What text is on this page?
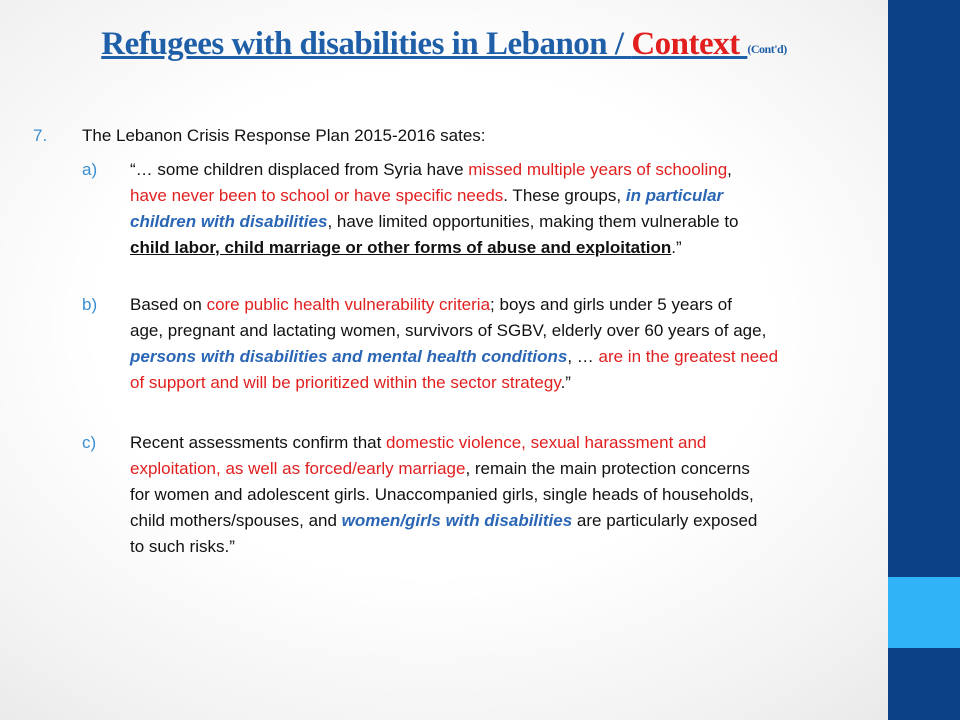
Refugees with disabilities in Lebanon / Context (Cont'd)
7. The Lebanon Crisis Response Plan 2015-2016 sates:
a) “… some children displaced from Syria have missed multiple years of schooling,
have never been to school or have specific needs. These groups, in particular
children with disabilities, have limited opportunities, making them vulnerable to
child labor, child marriage or other forms of abuse and exploitation.”
b) Based on core public health vulnerability criteria; boys and girls under 5 years of
age, pregnant and lactating women, survivors of SGBV, elderly over 60 years of age,
persons with disabilities and mental health conditions, … are in the greatest need
of support and will be prioritized within the sector strategy.”
c) Recent assessments confirm that domestic violence, sexual harassment and
exploitation, as well as forced/early marriage, remain the main protection concerns
for women and adolescent girls. Unaccompanied girls, single heads of households,
child mothers/spouses, and women/girls with disabilities are particularly exposed
to such risks.”
